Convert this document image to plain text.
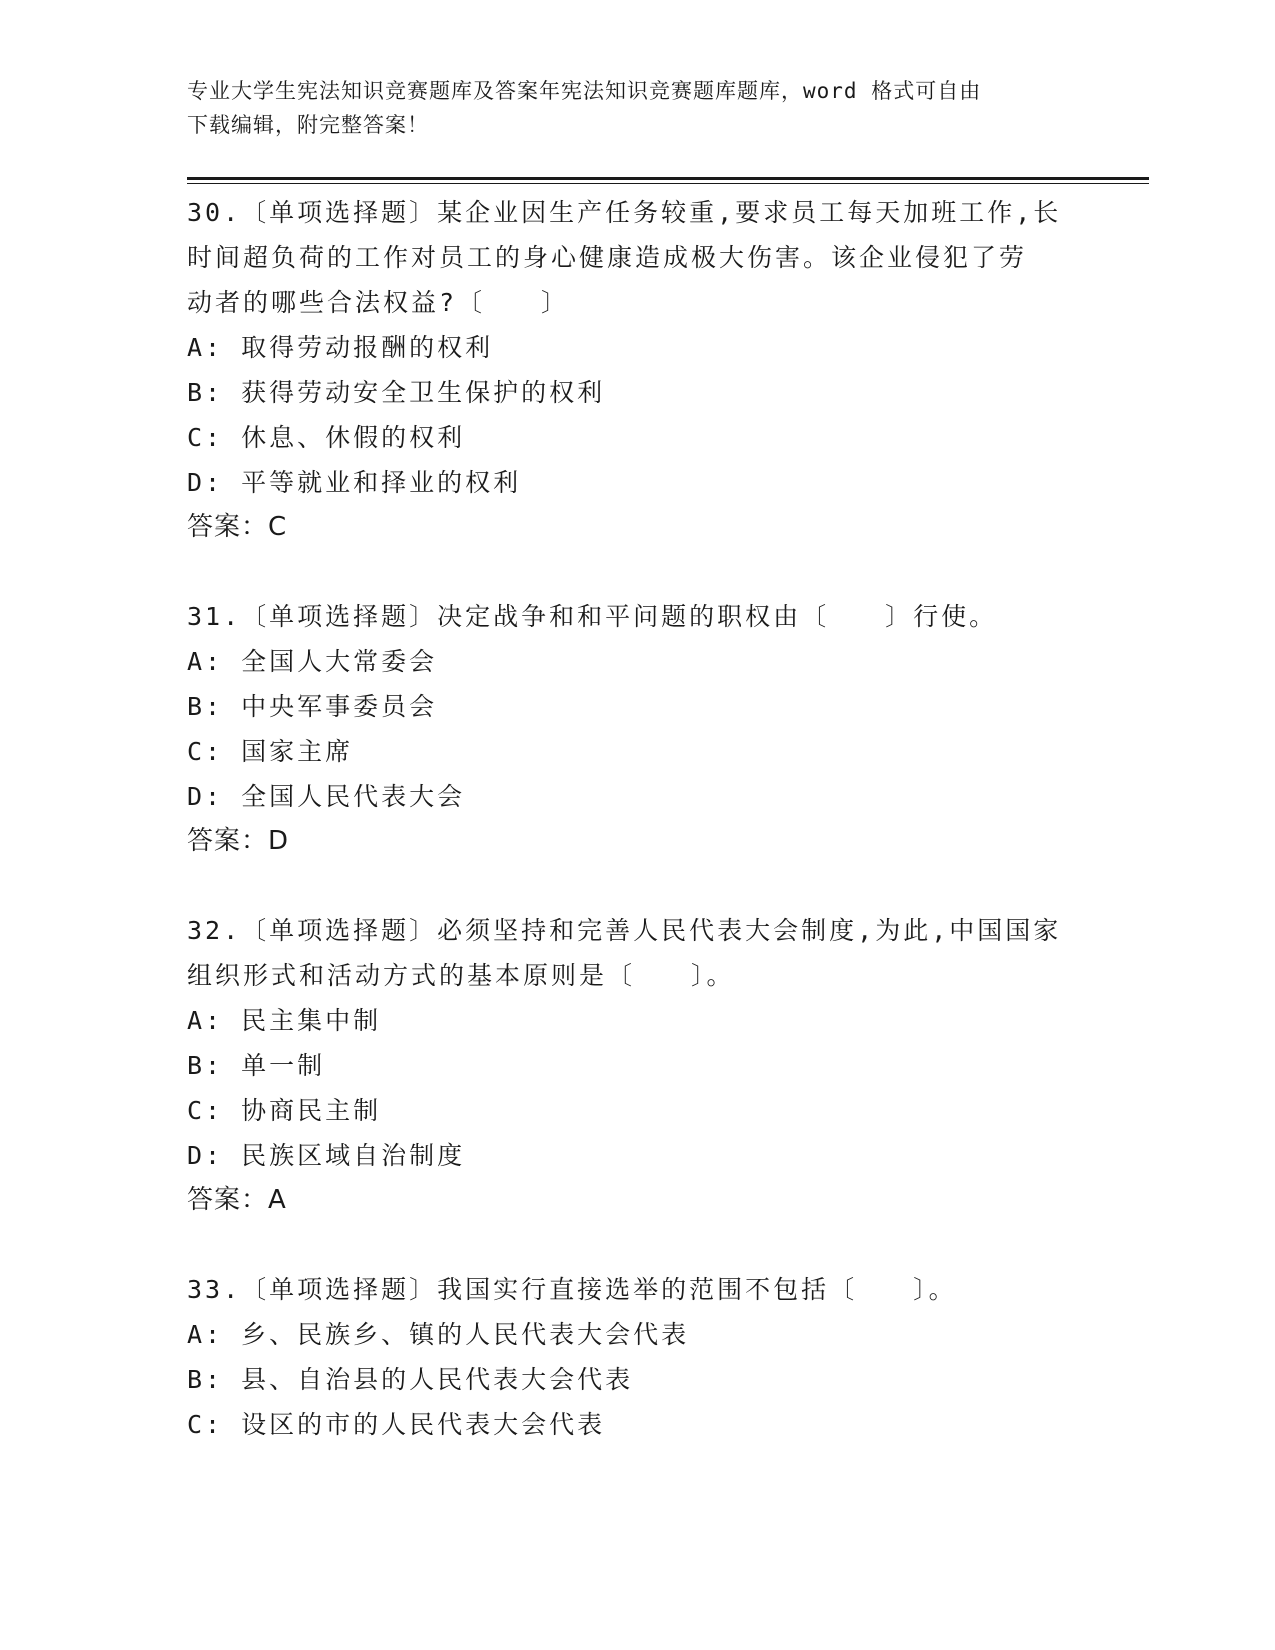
专业大学生宪法知识竞赛题库及答案年宪法知识竞赛题库题库，word 格式可自由
下载编辑，附完整答案！
30.〔单项选择题〕某企业因生产任务较重,要求员工每天加班工作,长
时间超负荷的工作对员工的身心健康造成极大伤害。该企业侵犯了劳
动者的哪些合法权益?〔　　〕
A: 取得劳动报酬的权利
B: 获得劳动安全卫生保护的权利
C: 休息、休假的权利
D: 平等就业和择业的权利
答案：C
31.〔单项选择题〕决定战争和和平问题的职权由〔　　〕行使。
A: 全国人大常委会
B: 中央军事委员会
C: 国家主席
D: 全国人民代表大会
答案：D
32.〔单项选择题〕必须坚持和完善人民代表大会制度,为此,中国国家
组织形式和活动方式的基本原则是〔　　〕。
A: 民主集中制
B: 单一制
C: 协商民主制
D: 民族区域自治制度
答案：A
33.〔单项选择题〕我国实行直接选举的范围不包括〔　　〕。
A: 乡、民族乡、镇的人民代表大会代表
B: 县、自治县的人民代表大会代表
C: 设区的市的人民代表大会代表
